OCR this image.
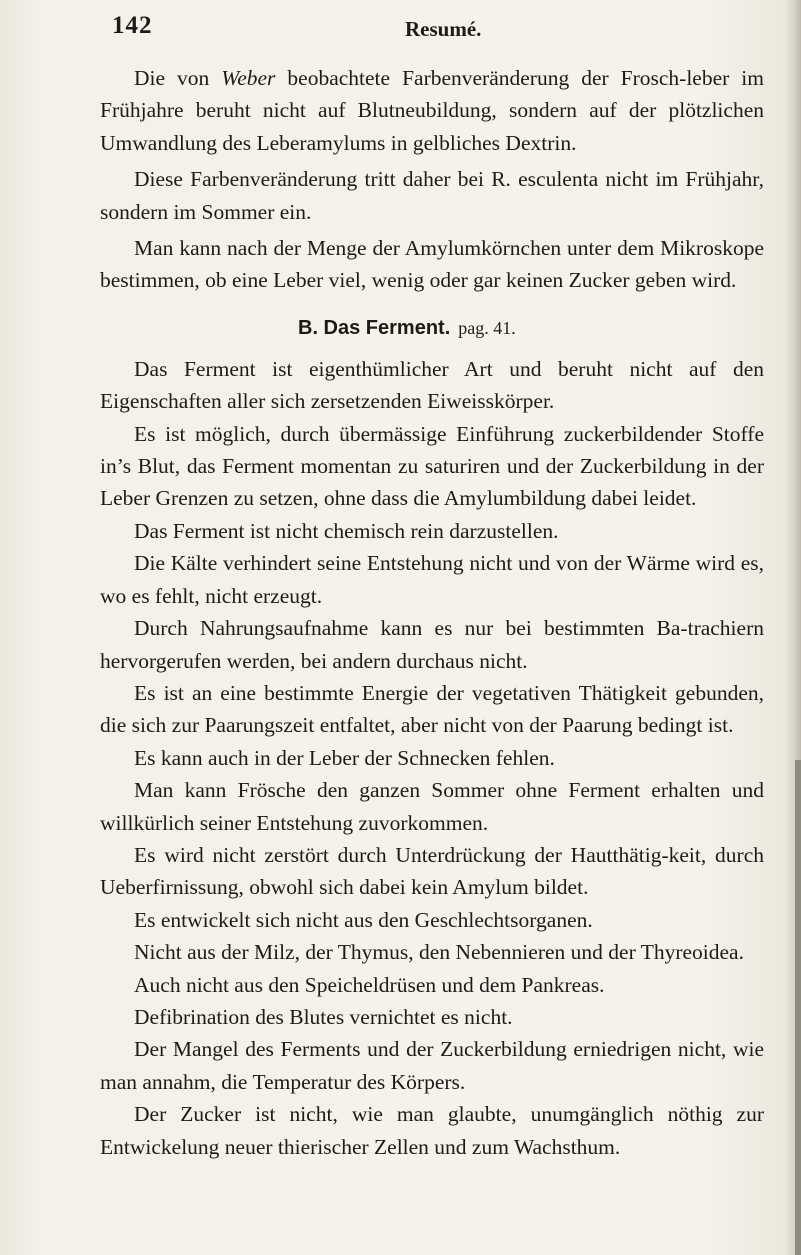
142	Resumé.

Die von Weber beobachtete Farbenveränderung der Frosch-leber im Frühjahre beruht nicht auf Blutneubildung, sondern auf der plötzlichen Umwandlung des Leberamylums in gelbliches Dextrin.

Diese Farbenveränderung tritt daher bei R. esculenta nicht im Frühjahr, sondern im Sommer ein.

Man kann nach der Menge der Amylumkörnchen unter dem Mikroskope bestimmen, ob eine Leber viel, wenig oder gar keinen Zucker geben wird.

B. Das Ferment. pag. 41.

Das Ferment ist eigenthümlicher Art und beruht nicht auf den Eigenschaften aller sich zersetzenden Eiweisskörper.

Es ist möglich, durch übermässige Einführung zuckerbildender Stoffe in’s Blut, das Ferment momentan zu saturiren und der Zuckerbildung in der Leber Grenzen zu setzen, ohne dass die Amylumbildung dabei leidet.

Das Ferment ist nicht chemisch rein darzustellen.

Die Kälte verhindert seine Entstehung nicht und von der Wärme wird es, wo es fehlt, nicht erzeugt.

Durch Nahrungsaufnahme kann es nur bei bestimmten Ba-trachiern hervorgerufen werden, bei andern durchaus nicht.

Es ist an eine bestimmte Energie der vegetativen Thätigkeit gebunden, die sich zur Paarungszeit entfaltet, aber nicht von der Paarung bedingt ist.

Es kann auch in der Leber der Schnecken fehlen.

Man kann Frösche den ganzen Sommer ohne Ferment erhalten und willkürlich seiner Entstehung zuvorkommen.

Es wird nicht zerstört durch Unterdrückung der Hautthätig-keit, durch Ueberfirnissung, obwohl sich dabei kein Amylum bildet.

Es entwickelt sich nicht aus den Geschlechtsorganen.

Nicht aus der Milz, der Thymus, den Nebennieren und der Thyreoidea.

Auch nicht aus den Speicheldrüsen und dem Pankreas.

Defibrination des Blutes vernichtet es nicht.

Der Mangel des Ferments und der Zuckerbildung erniedrigen nicht, wie man annahm, die Temperatur des Körpers.

Der Zucker ist nicht, wie man glaubte, unumgänglich nöthig zur Entwickelung neuer thierischer Zellen und zum Wachsthum.
